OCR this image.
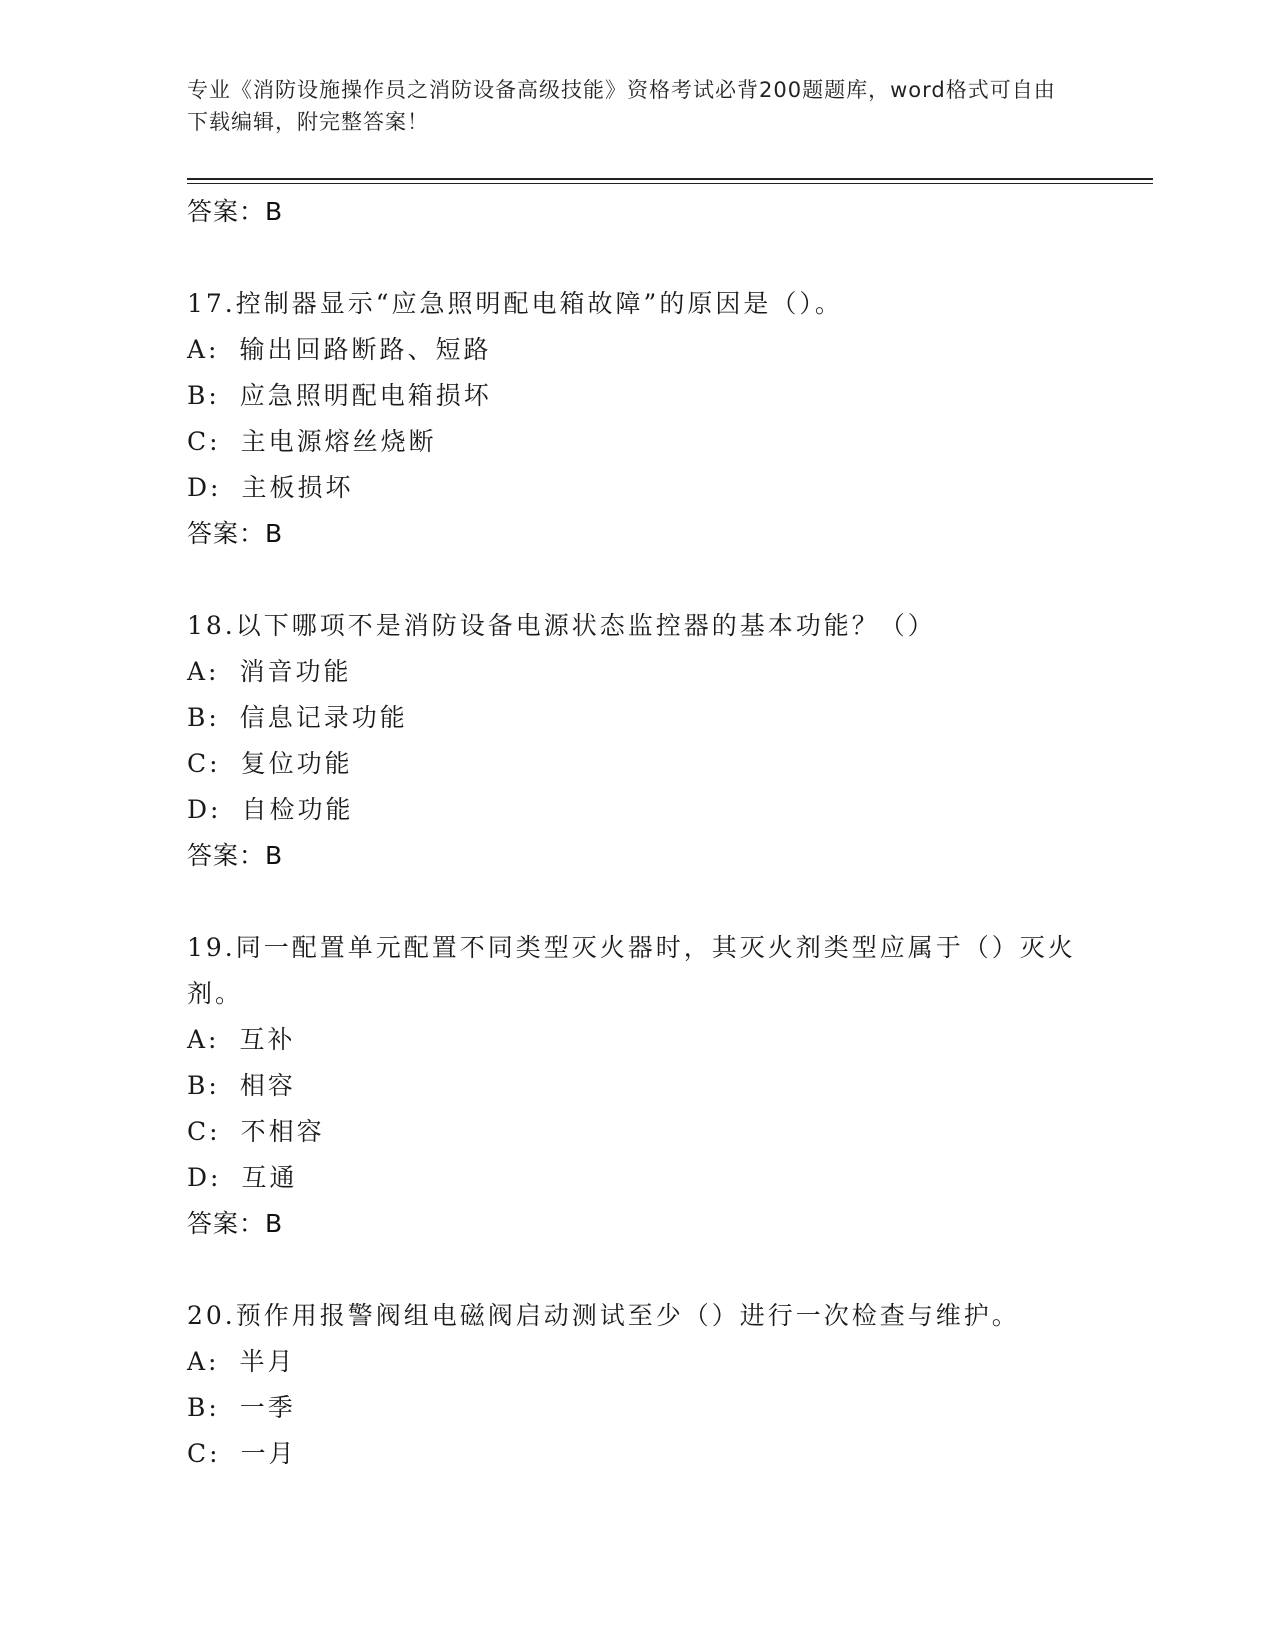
专业《消防设施操作员之消防设备高级技能》资格考试必背200题题库，word格式可自由下载编辑，附完整答案！
答案：B
17.控制器显示“应急照明配电箱故障”的原因是（）。
A: 输出回路断路、短路
B: 应急照明配电箱损坏
C: 主电源熔丝烧断
D: 主板损坏
答案：B
18.以下哪项不是消防设备电源状态监控器的基本功能？（）
A: 消音功能
B: 信息记录功能
C: 复位功能
D: 自检功能
答案：B
19.同一配置单元配置不同类型灭火器时，其灭火剂类型应属于（）灭火剂。
A: 互补
B: 相容
C: 不相容
D: 互通
答案：B
20.预作用报警阀组电磁阀启动测试至少（）进行一次检查与维护。
A: 半月
B: 一季
C: 一月
